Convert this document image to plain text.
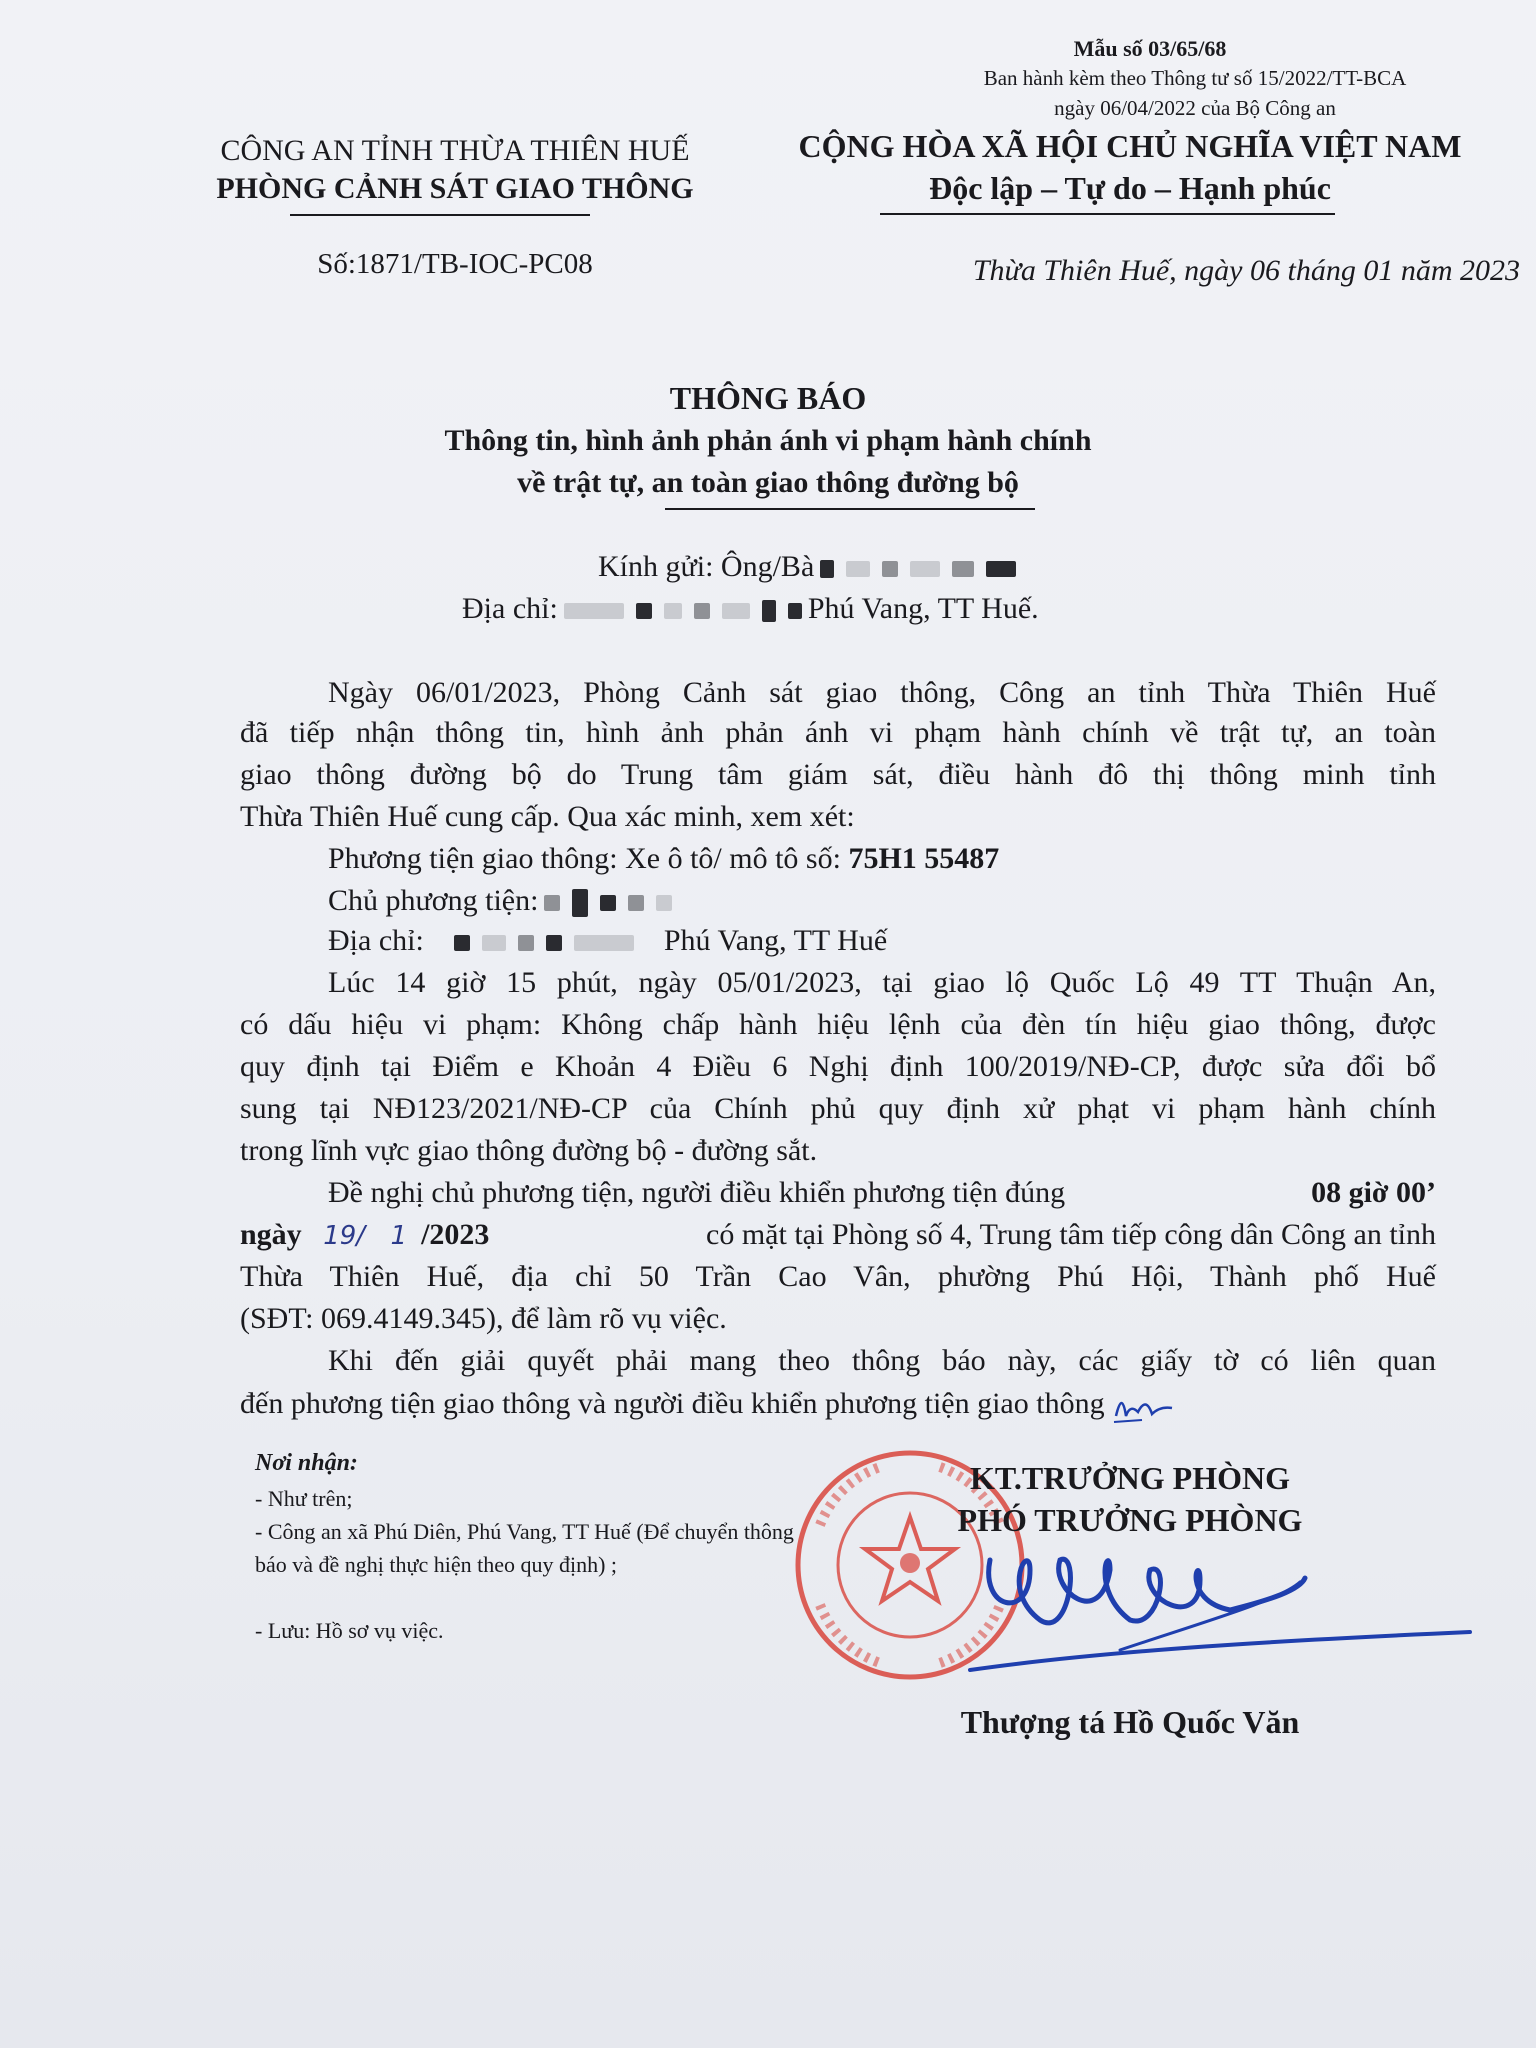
Mẫu số 03/65/68
Ban hành kèm theo Thông tư số 15/2022/TT-BCA
ngày 06/04/2022 của Bộ Công an
CÔNG AN TỈNH THỪA THIÊN HUẾ
PHÒNG CẢNH SÁT GIAO THÔNG
Số:1871/TB-IOC-PC08
CỘNG HÒA XÃ HỘI CHỦ NGHĨA VIỆT NAM
Độc lập – Tự do – Hạnh phúc
Thừa Thiên Huế, ngày 06 tháng 01 năm 2023
THÔNG BÁO
Thông tin, hình ảnh phản ánh vi phạm hành chính
về trật tự, an toàn giao thông đường bộ
Kính gửi: Ông/Bà
Địa chỉ:	Phú Vang, TT Huế.
Ngày 06/01/2023, Phòng Cảnh sát giao thông, Công an tỉnh Thừa Thiên Huế
đã tiếp nhận thông tin, hình ảnh phản ánh vi phạm hành chính về trật tự, an toàn
giao thông đường bộ do Trung tâm giám sát, điều hành đô thị thông minh tỉnh
Thừa Thiên Huế cung cấp. Qua xác minh, xem xét:
Phương tiện giao thông: Xe ô tô/ mô tô số: 75H1 55487
Chủ phương tiện:
Địa chỉ:	Phú Vang, TT Huế
Lúc 14 giờ 15 phút, ngày 05/01/2023, tại giao lộ Quốc Lộ 49 TT Thuận An,
có dấu hiệu vi phạm: Không chấp hành hiệu lệnh của đèn tín hiệu giao thông, được
quy định tại Điểm e Khoản 4 Điều 6 Nghị định 100/2019/NĐ-CP, được sửa đổi bổ
sung tại NĐ123/2021/NĐ-CP của Chính phủ quy định xử phạt vi phạm hành chính
trong lĩnh vực giao thông đường bộ - đường sắt.
Đề nghị chủ phương tiện, người điều khiển phương tiện đúng	08 giờ 00’
ngày 19/ 1 /2023	có mặt tại Phòng số 4, Trung tâm tiếp công dân Công an tỉnh
Thừa Thiên Huế, địa chỉ 50 Trần Cao Vân, phường Phú Hội, Thành phố Huế
(SĐT: 069.4149.345), để làm rõ vụ việc.
Khi đến giải quyết phải mang theo thông báo này, các giấy tờ có liên quan
đến phương tiện giao thông và người điều khiển phương tiện giao thông
Nơi nhận:
- Như trên;
- Công an xã Phú Diên, Phú Vang, TT Huế (Để chuyển thông báo và đề nghị thực hiện theo quy định) ;
- Lưu: Hồ sơ vụ việc.
KT.TRƯỞNG PHÒNG
PHÓ TRƯỞNG PHÒNG
Thượng tá Hồ Quốc Văn
